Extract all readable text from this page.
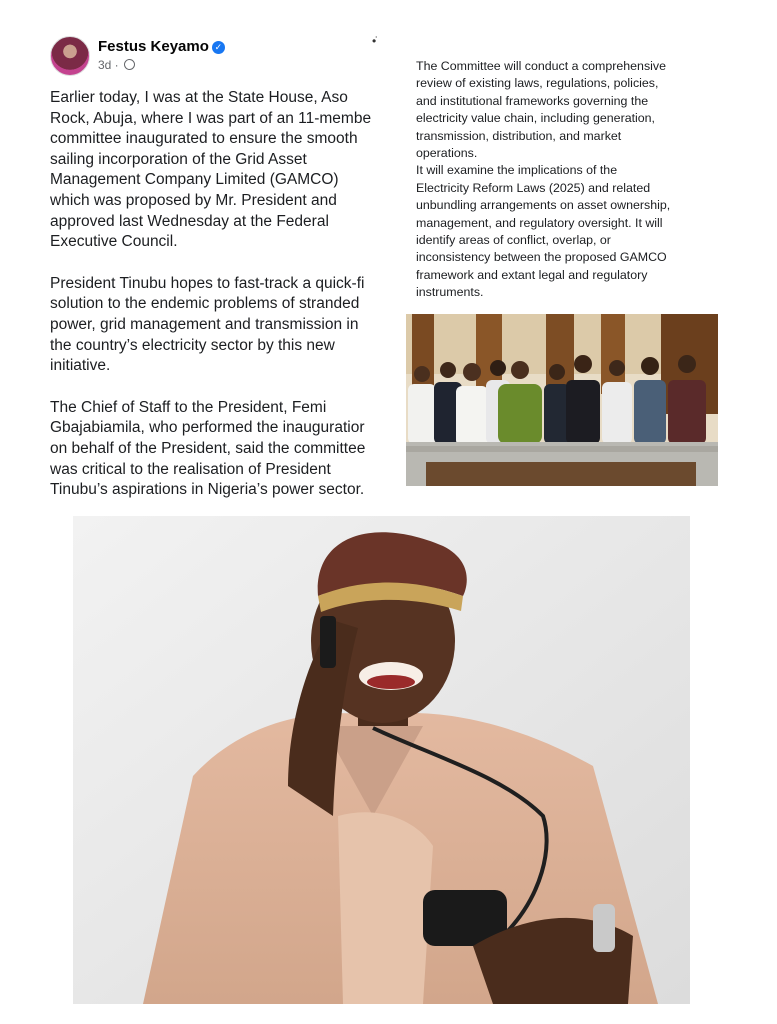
Festus Keyamo ✓
3d ·
•̇

Earlier today, I was at the State House, Aso
Rock, Abuja, where I was part of an 11-membe
committee inaugurated to ensure the smooth
sailing incorporation of the Grid Asset
Management Company Limited (GAMCO)
which was proposed by Mr. President and
approved last Wednesday at the Federal
Executive Council.

President Tinubu hopes to fast-track a quick-fi
solution to the endemic problems of stranded
power, grid management and transmission in
the country’s electricity sector by this new
initiative.

The Chief of Staff to the President, Femi
Gbajabiamila, who performed the inauguratior
on behalf of the President, said the committee
was critical to the realisation of President
Tinubu’s aspirations in Nigeria’s power sector.

The Committee will conduct a comprehensive
review of existing laws, regulations, policies,
and institutional frameworks governing the
electricity value chain, including generation,
transmission, distribution, and market
operations.
It will examine the implications of the
Electricity Reform Laws (2025) and related
unbundling arrangements on asset ownership,
management, and regulatory oversight. It will
identify areas of conflict, overlap, or
inconsistency between the proposed GAMCO
framework and extant legal and regulatory
instruments.
